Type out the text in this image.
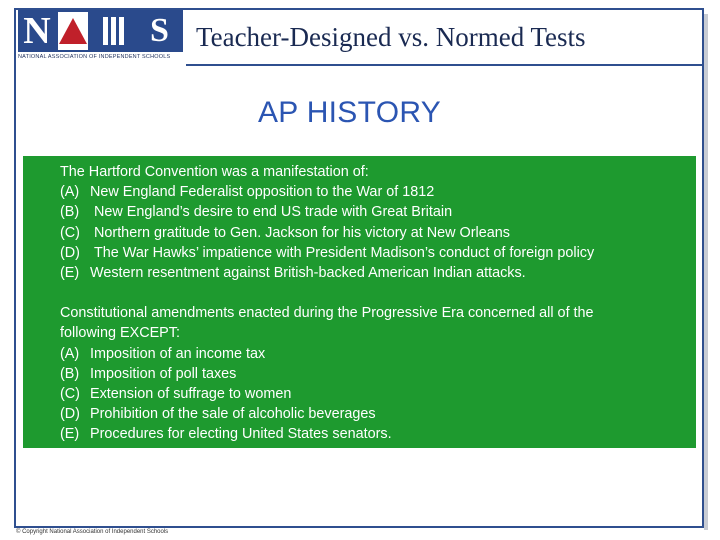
N	S
NATIONAL ASSOCIATION OF INDEPENDENT SCHOOLS
Teacher-Designed vs. Normed Tests
AP HISTORY
The Hartford Convention was a manifestation of:
(A) New England Federalist opposition to the War of 1812
(B)	New England’s desire to end US trade with Great Britain
(C) Northern gratitude to Gen. Jackson for his victory at New Orleans
(D) The War Hawks’ impatience with President Madison’s conduct of foreign policy
(E) Western resentment against British-backed American Indian attacks.
Constitutional amendments enacted during the Progressive Era concerned all of the
following EXCEPT:
(A) Imposition of an income tax
(B) Imposition of poll taxes
(C) Extension of suffrage to women
(D) Prohibition of the sale of alcoholic beverages
(E) Procedures for electing United States senators.
© Copyright National Association of Independent Schools
